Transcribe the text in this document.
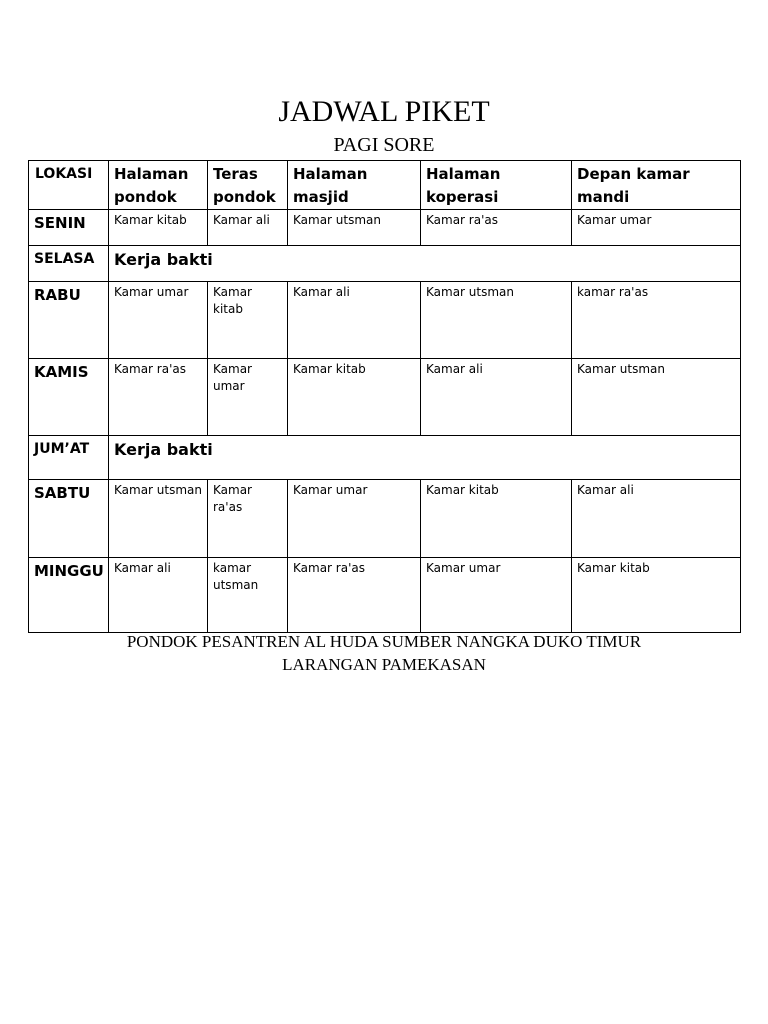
JADWAL PIKET
PAGI SORE
LOKASI	Halaman pondok	Teras pondok	Halaman masjid	Halaman koperasi	Depan kamar mandi
SENIN	Kamar kitab	Kamar ali	Kamar utsman	Kamar ra'as	Kamar umar
SELASA	Kerja bakti				
RABU	Kamar umar	Kamar kitab	Kamar ali	Kamar utsman	kamar ra'as
KAMIS	Kamar ra'as	Kamar umar	Kamar kitab	Kamar ali	Kamar utsman
JUM’AT	Kerja bakti				
SABTU	Kamar utsman	Kamar ra'as	Kamar umar	Kamar kitab	Kamar ali
MINGGU	Kamar ali	kamar utsman	Kamar ra'as	Kamar umar	Kamar kitab
PONDOK PESANTREN AL HUDA SUMBER NANGKA DUKO TIMUR
LARANGAN PAMEKASAN
